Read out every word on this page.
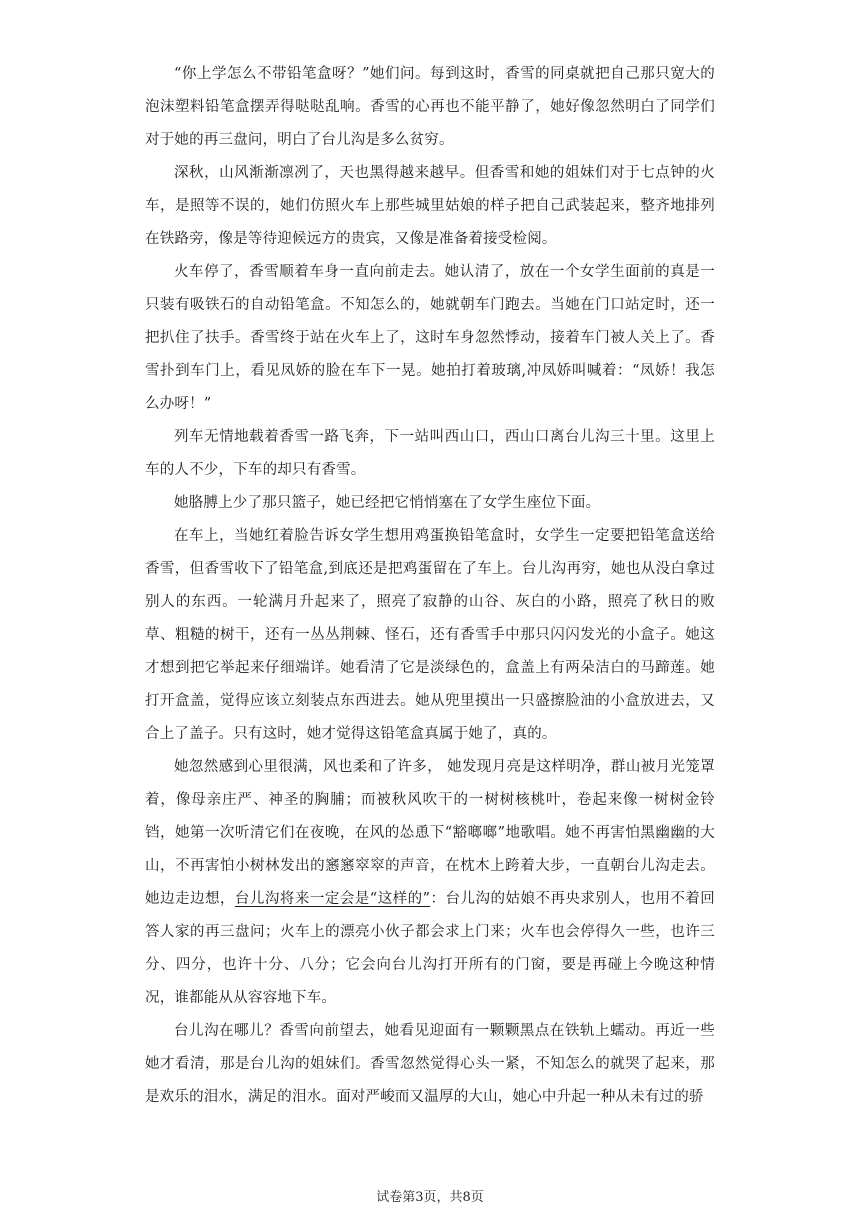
“你上学怎么不带铅笔盒呀？”她们问。每到这时，香雪的同桌就把自己那只宽大的泡沫塑料铅笔盒摆弄得哒哒乱响。香雪的心再也不能平静了，她好像忽然明白了同学们对于她的再三盘问，明白了台儿沟是多么贫穷。

深秋，山风渐渐凛冽了，天也黑得越来越早。但香雪和她的姐妹们对于七点钟的火车，是照等不误的，她们仿照火车上那些城里姑娘的样子把自己武装起来，整齐地排列在铁路旁，像是等待迎候远方的贵宾，又像是准备着接受检阅。

火车停了，香雪顺着车身一直向前走去。她认清了，放在一个女学生面前的真是一只装有吸铁石的自动铅笔盒。不知怎么的，她就朝车门跑去。当她在门口站定时，还一把扒住了扶手。香雪终于站在火车上了，这时车身忽然悸动，接着车门被人关上了。香雪扑到车门上，看见凤娇的脸在车下一晃。她拍打着玻璃,冲凤娇叫喊着：“凤娇！我怎么办呀！”

列车无情地载着香雪一路飞奔，下一站叫西山口，西山口离台儿沟三十里。这里上车的人不少，下车的却只有香雪。

她胳膊上少了那只篮子，她已经把它悄悄塞在了女学生座位下面。

在车上，当她红着脸告诉女学生想用鸡蛋换铅笔盒时，女学生一定要把铅笔盒送给香雪，但香雪收下了铅笔盒,到底还是把鸡蛋留在了车上。台儿沟再穷，她也从没白拿过别人的东西。一轮满月升起来了，照亮了寂静的山谷、灰白的小路，照亮了秋日的败草、粗糙的树干，还有一丛丛荆棘、怪石，还有香雪手中那只闪闪发光的小盒子。她这才想到把它举起来仔细端详。她看清了它是淡绿色的，盒盖上有两朵洁白的马蹄莲。她打开盒盖，觉得应该立刻装点东西进去。她从兜里摸出一只盛擦脸油的小盒放进去，又合上了盖子。只有这时，她才觉得这铅笔盒真属于她了，真的。

她忽然感到心里很满，风也柔和了许多， 她发现月亮是这样明净，群山被月光笼罩着，像母亲庄严、神圣的胸脯；而被秋风吹干的一树树核桃叶，卷起来像一树树金铃铛，她第一次听清它们在夜晚，在风的怂恿下“豁啷啷”地歌唱。她不再害怕黑幽幽的大山，不再害怕小树林发出的窸窸窣窣的声音，在枕木上跨着大步，一直朝台儿沟走去。她边走边想，台儿沟将来一定会是“这样的”：台儿沟的姑娘不再央求别人，也用不着回答人家的再三盘问；火车上的漂亮小伙子都会求上门来；火车也会停得久一些，也许三分、四分，也许十分、八分；它会向台儿沟打开所有的门窗，要是再碰上今晚这种情况，谁都能从从容容地下车。

台儿沟在哪儿？香雪向前望去，她看见迎面有一颗颗黑点在铁轨上蠕动。再近一些她才看清，那是台儿沟的姐妹们。香雪忽然觉得心头一紧，不知怎么的就哭了起来，那是欢乐的泪水，满足的泪水。面对严峻而又温厚的大山，她心中升起一种从未有过的骄

试卷第3页，共8页
